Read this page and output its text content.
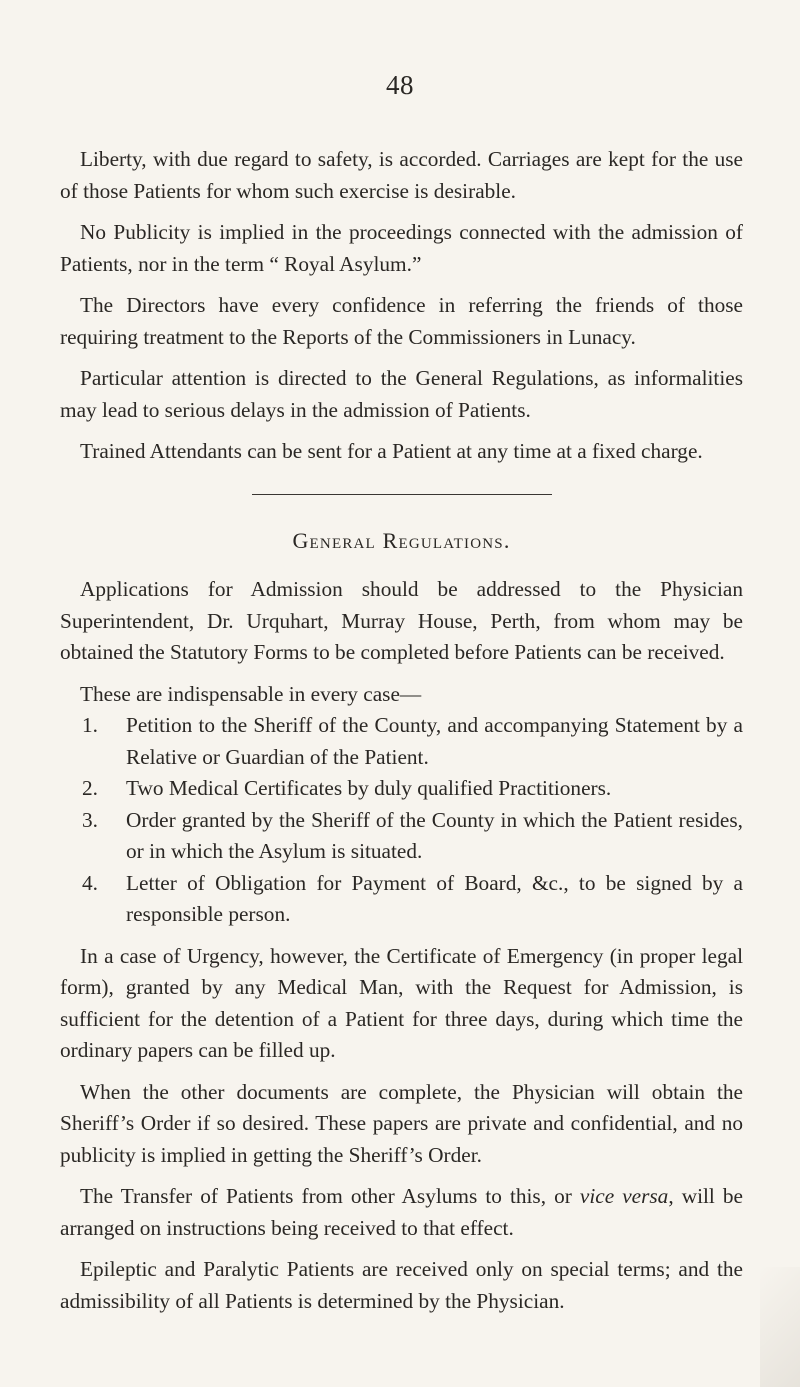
48

Liberty, with due regard to safety, is accorded. Carriages are kept for the use of those Patients for whom such exercise is desirable.

No Publicity is implied in the proceedings connected with the admission of Patients, nor in the term “ Royal Asylum.”

The Directors have every confidence in referring the friends of those requiring treatment to the Reports of the Commissioners in Lunacy.

Particular attention is directed to the General Regulations, as informalities may lead to serious delays in the admission of Patients.

Trained Attendants can be sent for a Patient at any time at a fixed charge.

General Regulations.

Applications for Admission should be addressed to the Physician Superintendent, Dr. Urquhart, Murray House, Perth, from whom may be obtained the Statutory Forms to be completed before Patients can be received.

These are indispensable in every case—

1. Petition to the Sheriff of the County, and accompanying Statement by a Relative or Guardian of the Patient.
2. Two Medical Certificates by duly qualified Practitioners.
3. Order granted by the Sheriff of the County in which the Patient resides, or in which the Asylum is situated.
4. Letter of Obligation for Payment of Board, &c., to be signed by a responsible person.

In a case of Urgency, however, the Certificate of Emergency (in proper legal form), granted by any Medical Man, with the Request for Admission, is sufficient for the detention of a Patient for three days, during which time the ordinary papers can be filled up.

When the other documents are complete, the Physician will obtain the Sheriff’s Order if so desired. These papers are private and confidential, and no publicity is implied in getting the Sheriff’s Order.

The Transfer of Patients from other Asylums to this, or vice versa, will be arranged on instructions being received to that effect.

Epileptic and Paralytic Patients are received only on special terms; and the admissibility of all Patients is determined by the Physician.
